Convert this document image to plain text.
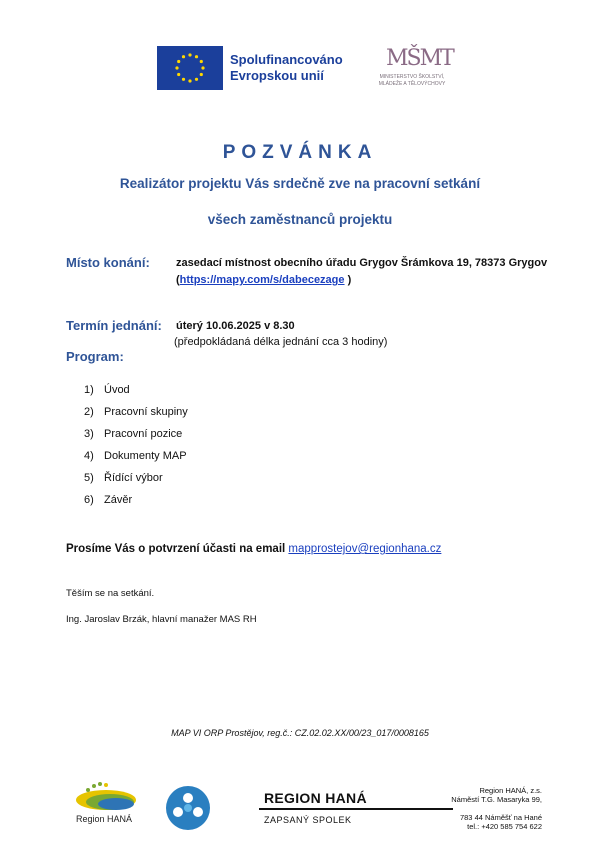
Spolufinancováno
Evropskou unií
MŠMT
MINISTERSTVO ŠKOLSTVÍ,
MLÁDEŽE A TĚLOVÝCHOVY
POZVÁNKA
Realizátor projektu Vás srdečně zve na pracovní setkání
všech zaměstnanců projektu
Místo konání: zasedací místnost obecního úřadu Grygov Šrámkova 19, 78373 Grygov
(https://mapy.com/s/dabecezage )
Termín jednání: úterý 10.06.2025 v 8.30
(předpokládaná délka jednání cca 3 hodiny)
Program:
1) Úvod
2) Pracovní skupiny
3) Pracovní pozice
4) Dokumenty MAP
5) Řídící výbor
6) Závěr
Prosíme Vás o potvrzení účasti na email mapprostejov@regionhana.cz
Těším se na setkání.
Ing. Jaroslav Brzák, hlavní manažer MAS RH
MAP VI ORP Prostějov, reg.č.: CZ.02.02.XX/00/23_017/0008165
Region HANÁ
REGION HANÁ
ZAPSANÝ SPOLEK
Region HANÁ, z.s.
Náměstí T.G. Masaryka 99,
783 44 Náměšť na Hané
tel.: +420 585 754 622
